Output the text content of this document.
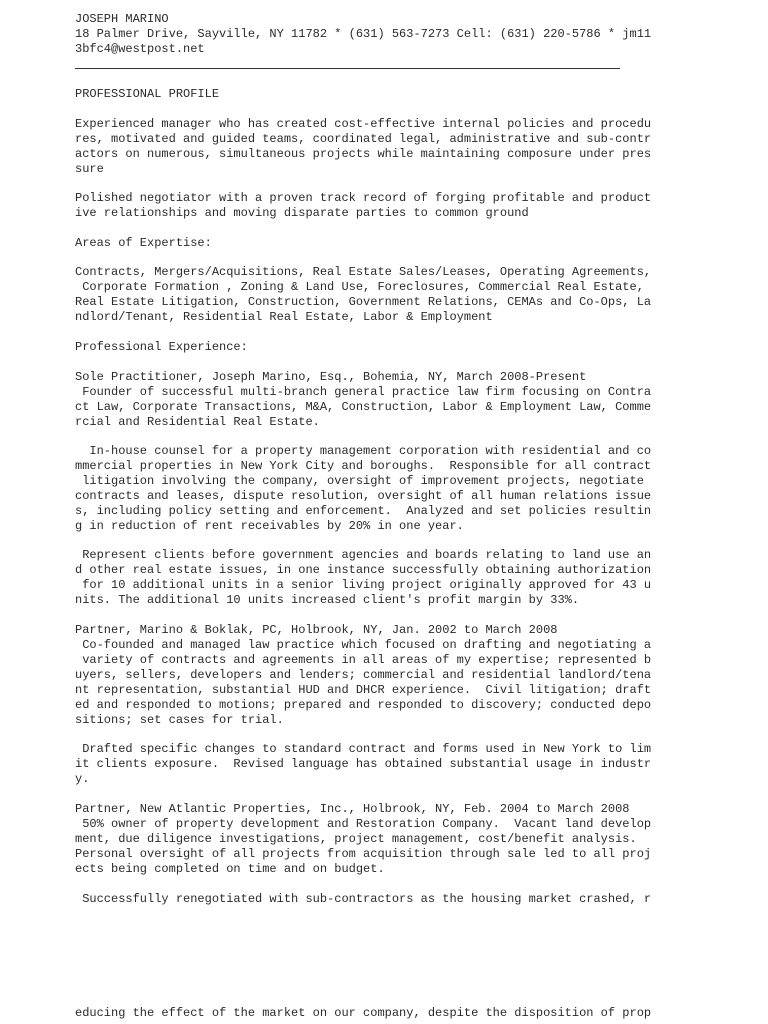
JOSEPH MARINO

18 Palmer Drive, Sayville, NY 11782 * (631) 563-7273 Cell: (631) 220-5786 * jm11

3bfc4@westpost.net

PROFESSIONAL PROFILE

Experienced manager who has created cost-effective internal policies and procedu

res, motivated and guided teams, coordinated legal, administrative and sub-contr

actors on numerous, simultaneous projects while maintaining composure under pres

sure

Polished negotiator with a proven track record of forging profitable and product

ive relationships and moving disparate parties to common ground

Areas of Expertise:

Contracts, Mergers/Acquisitions, Real Estate Sales/Leases, Operating Agreements,

Corporate Formation , Zoning & Land Use, Foreclosures, Commercial Real Estate,

Real Estate Litigation, Construction, Government Relations, CEMAs and Co-Ops, La

ndlord/Tenant, Residential Real Estate, Labor & Employment

Professional Experience:

Sole Practitioner, Joseph Marino, Esq., Bohemia, NY, March 2008-Present

Founder of successful multi-branch general practice law firm focusing on Contra

ct Law, Corporate Transactions, M&A, Construction, Labor & Employment Law, Comme

rcial and Residential Real Estate.

In-house counsel for a property management corporation with residential and co

mmercial properties in New York City and boroughs.  Responsible for all contract

litigation involving the company, oversight of improvement projects, negotiate

contracts and leases, dispute resolution, oversight of all human relations issue

s, including policy setting and enforcement.  Analyzed and set policies resultin

g in reduction of rent receivables by 20% in one year.

Represent clients before government agencies and boards relating to land use an

d other real estate issues, in one instance successfully obtaining authorization

for 10 additional units in a senior living project originally approved for 43 u

nits. The additional 10 units increased client's profit margin by 33%.

Partner, Marino & Boklak, PC, Holbrook, NY, Jan. 2002 to March 2008

Co-founded and managed law practice which focused on drafting and negotiating a

variety of contracts and agreements in all areas of my expertise; represented b

uyers, sellers, developers and lenders; commercial and residential landlord/tena

nt representation, substantial HUD and DHCR experience.  Civil litigation; draft

ed and responded to motions; prepared and responded to discovery; conducted depo

sitions; set cases for trial.

Drafted specific changes to standard contract and forms used in New York to lim

it clients exposure.  Revised language has obtained substantial usage in industr

y.

Partner, New Atlantic Properties, Inc., Holbrook, NY, Feb. 2004 to March 2008

50% owner of property development and Restoration Company.  Vacant land develop

ment, due diligence investigations, project management, cost/benefit analysis.

Personal oversight of all projects from acquisition through sale led to all proj

ects being completed on time and on budget.

Successfully renegotiated with sub-contractors as the housing market crashed, r

educing the effect of the market on our company, despite the disposition of prop
